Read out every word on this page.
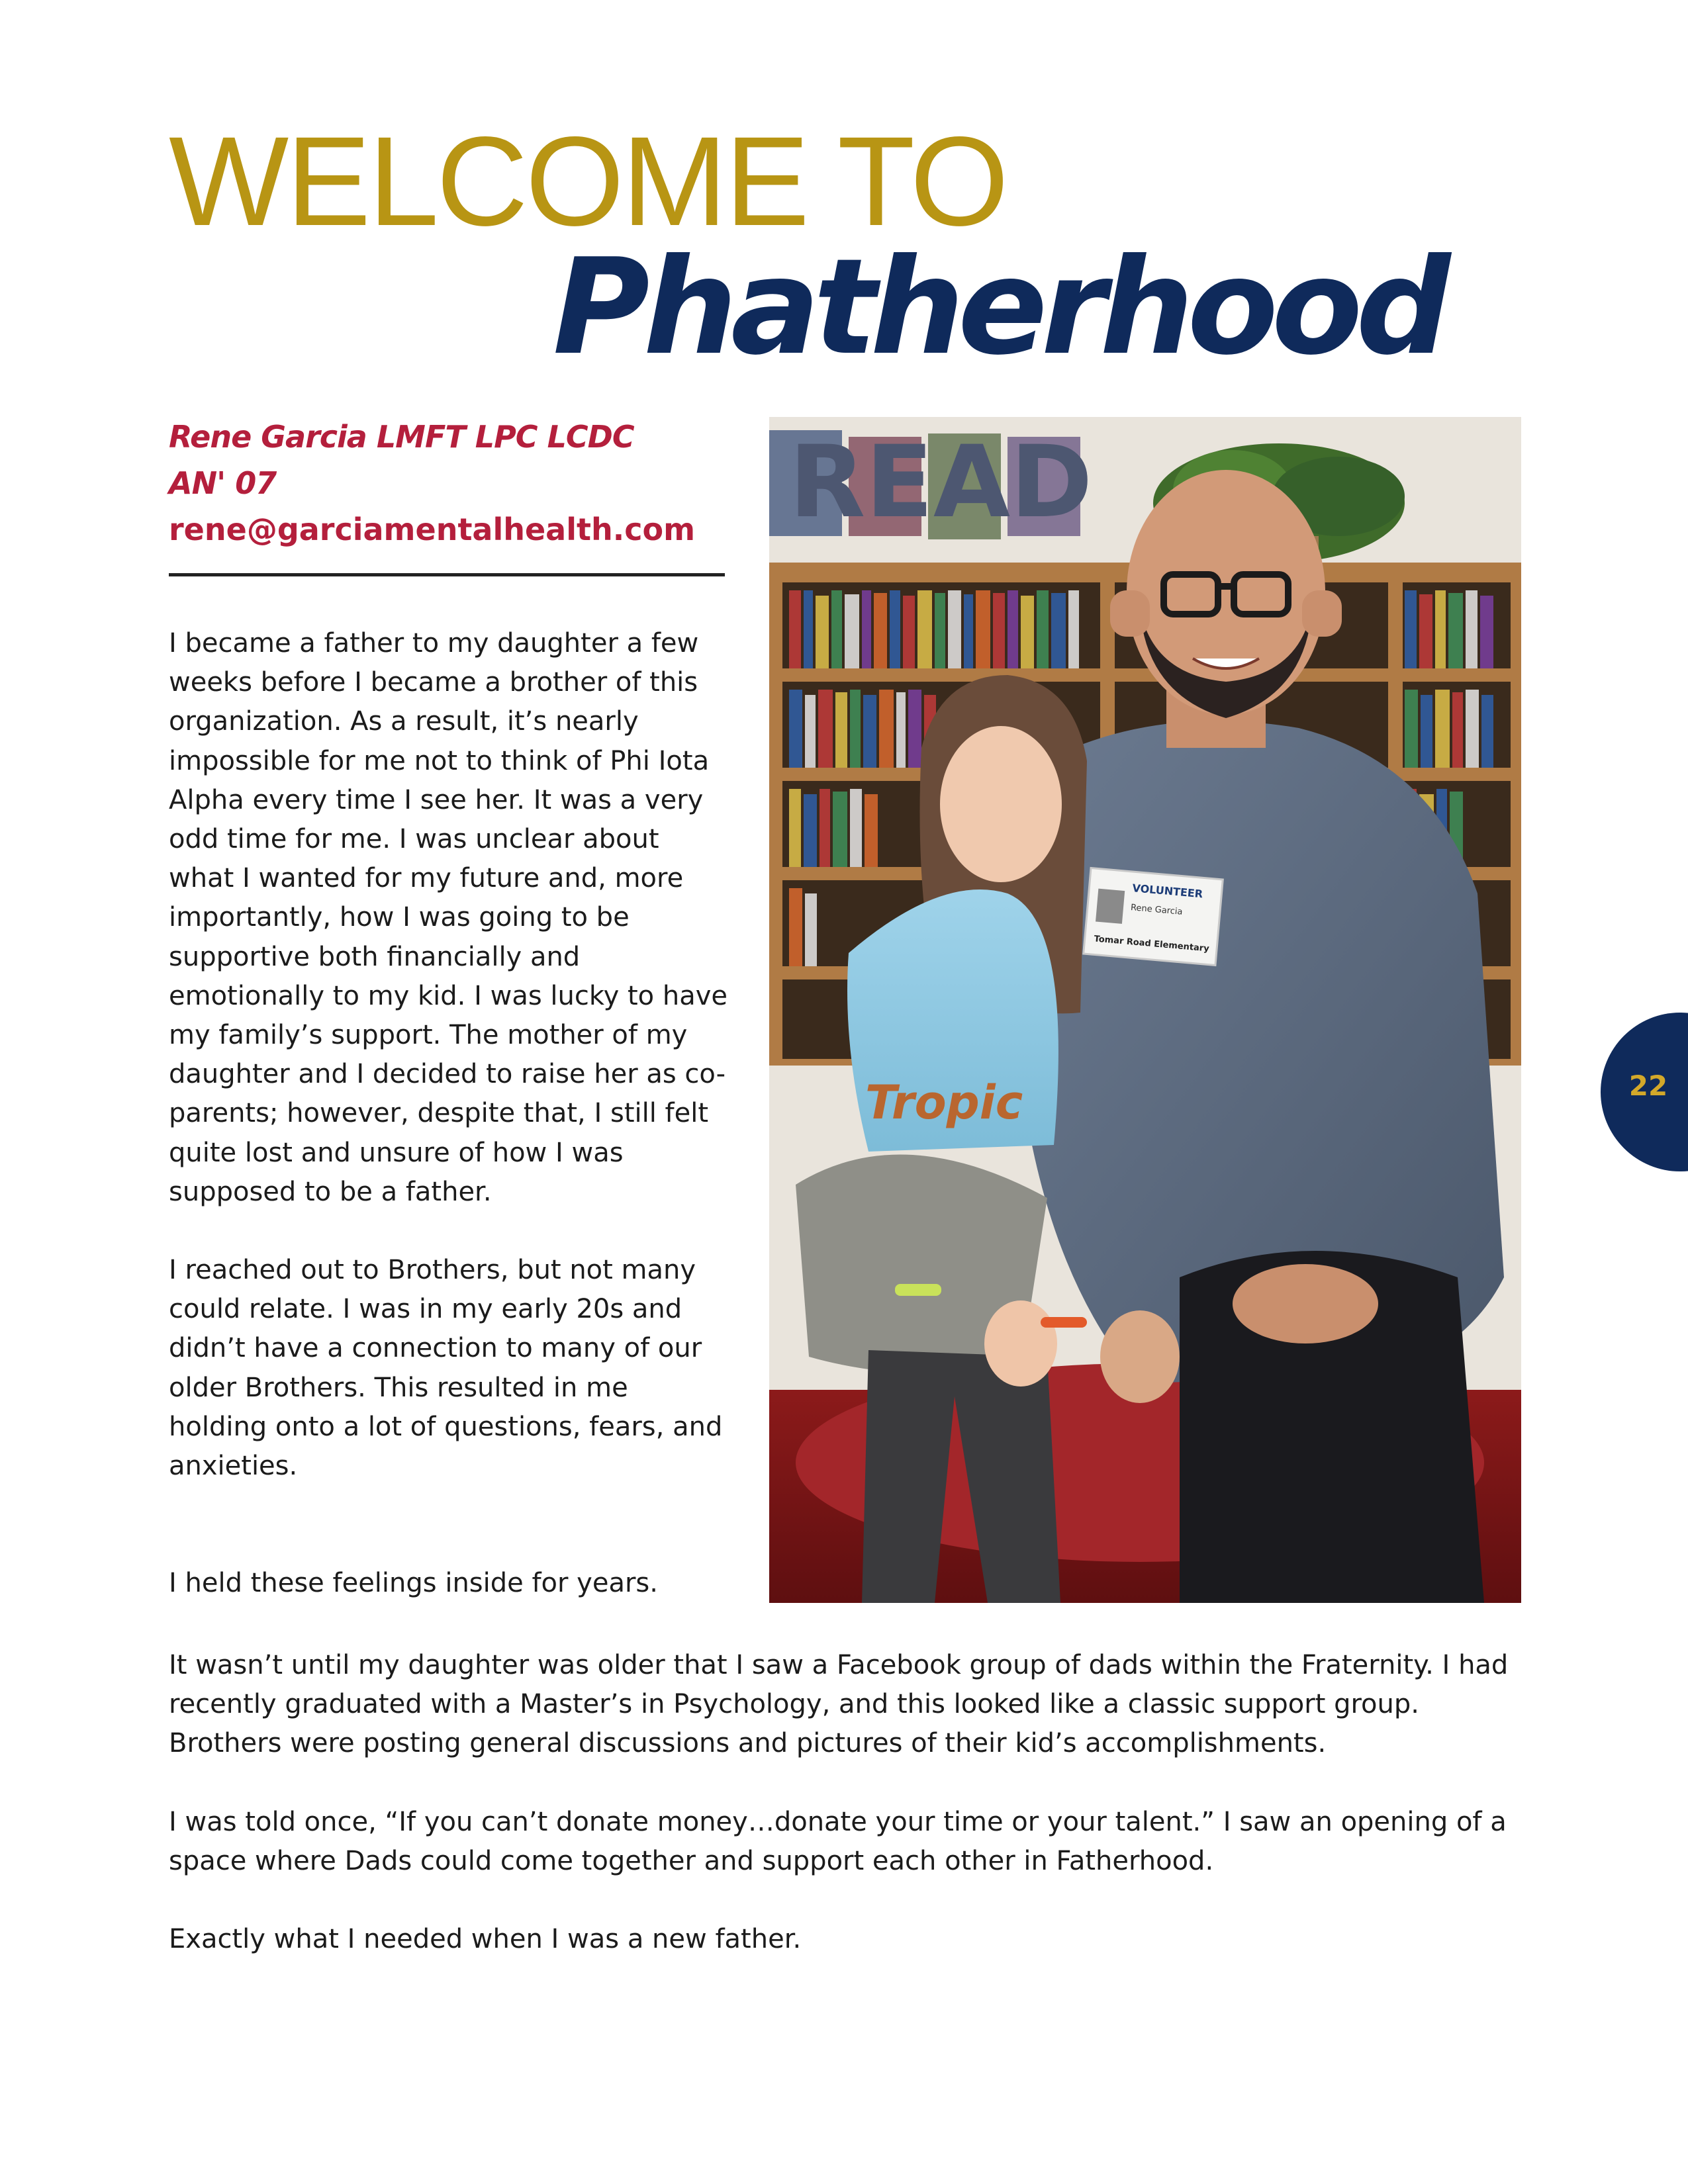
WELCOME TO
Phatherhood
Rene Garcia LMFT LPC LCDC
AN' 07
rene@garciamentalhealth.com

I became a father to my daughter a few weeks before I became a brother of this organization. As a result, it’s nearly impossible for me not to think of Phi Iota Alpha every time I see her. It was a very odd time for me. I was unclear about what I wanted for my future and, more importantly, how I was going to be supportive both financially and emotionally to my kid. I was lucky to have my family’s support. The mother of my daughter and I decided to raise her as co-parents; however, despite that, I still felt quite lost and unsure of how I was supposed to be a father.

I reached out to Brothers, but not many could relate. I was in my early 20s and didn’t have a connection to many of our older Brothers. This resulted in me holding onto a lot of questions, fears, and anxieties.

I held these feelings inside for years.

It wasn’t until my daughter was older that I saw a Facebook group of dads within the Fraternity. I had recently graduated with a Master’s in Psychology, and this looked like a classic support group. Brothers were posting general discussions and pictures of their kid’s accomplishments.

I was told once, “If you can’t donate money…donate your time or your talent.” I saw an opening of a space where Dads could come together and support each other in Fatherhood.

Exactly what I needed when I was a new father.

READ
VOLUNTEER
Rene Garcia
Tomar Road Elementary
Tropic	22
